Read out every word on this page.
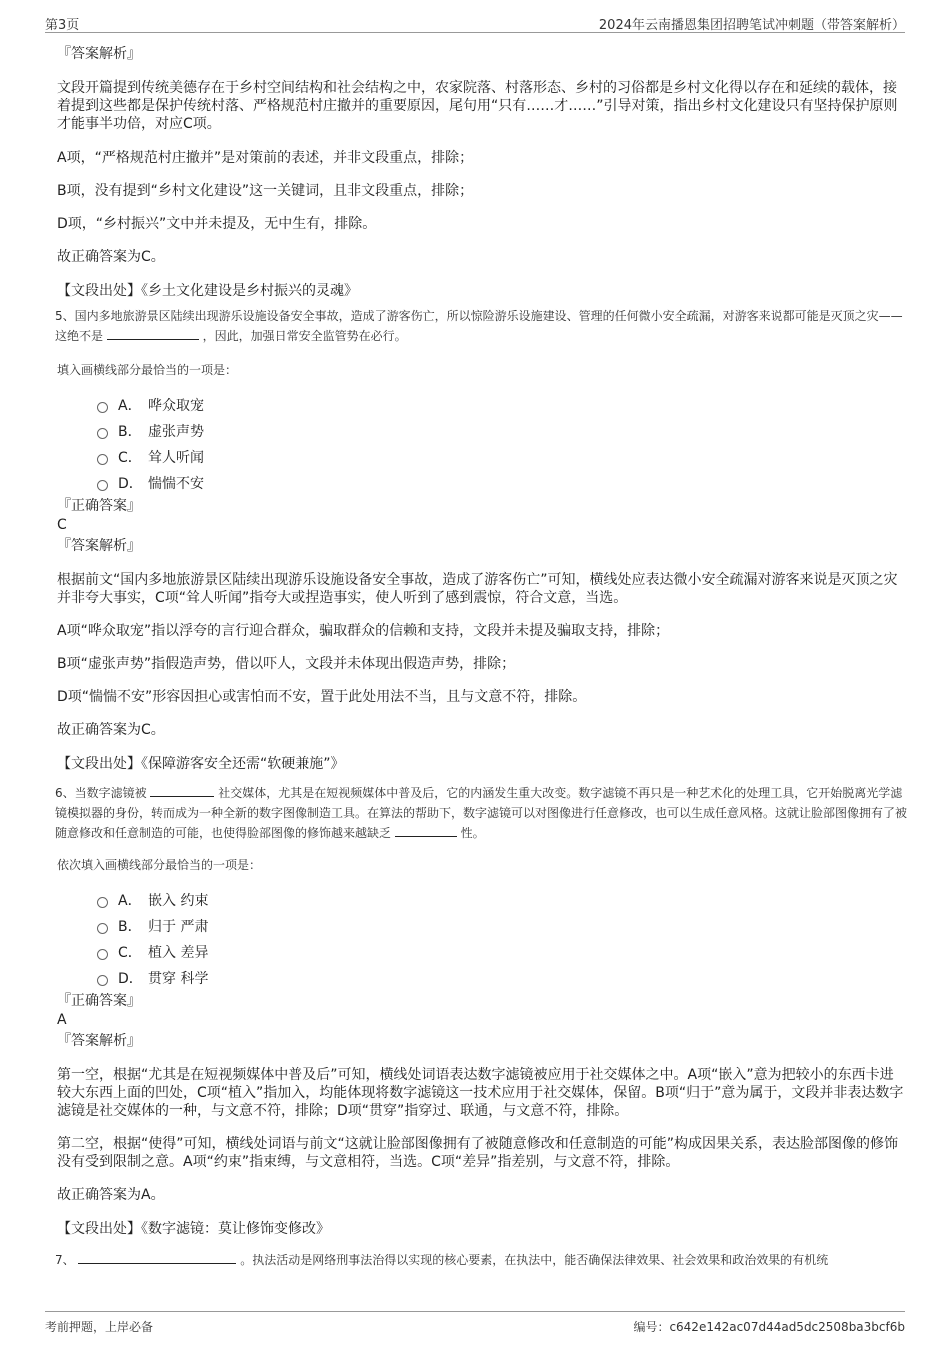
第3页	2024年云南播恩集团招聘笔试冲刺题（带答案解析）

『答案解析』

文段开篇提到传统美德存在于乡村空间结构和社会结构之中，农家院落、村落形态、乡村的习俗都是乡村文化得以存在和延续的载体，接着提到这些都是保护传统村落、严格规范村庄撤并的重要原因，尾句用“只有……才……”引导对策，指出乡村文化建设只有坚持保护原则才能事半功倍，对应C项。

A项，“严格规范村庄撤并”是对策前的表述，并非文段重点，排除；

B项，没有提到“乡村文化建设”这一关键词，且非文段重点，排除；

D项，“乡村振兴”文中并未提及，无中生有，排除。

故正确答案为C。

【文段出处】《乡土文化建设是乡村振兴的灵魂》

5、国内多地旅游景区陆续出现游乐设施设备安全事故，造成了游客伤亡，所以惊险游乐设施建设、管理的任何微小安全疏漏，对游客来说都可能是灭顶之灾——这绝不是	，因此，加强日常安全监管势在必行。

填入画横线部分最恰当的一项是：

A． 哗众取宠
B． 虚张声势
C． 耸人听闻
D． 惴惴不安

『正确答案』

C

『答案解析』

根据前文“国内多地旅游景区陆续出现游乐设施设备安全事故，造成了游客伤亡”可知，横线处应表达微小安全疏漏对游客来说是灭顶之灾并非夸大事实，C项“耸人听闻”指夸大或捏造事实，使人听到了感到震惊，符合文意，当选。

A项“哗众取宠”指以浮夸的言行迎合群众，骗取群众的信赖和支持，文段并未提及骗取支持，排除；

B项“虚张声势”指假造声势，借以吓人，文段并未体现出假造声势，排除；

D项“惴惴不安”形容因担心或害怕而不安，置于此处用法不当，且与文意不符，排除。

故正确答案为C。

【文段出处】《保障游客安全还需“软硬兼施”》

6、当数字滤镜被	社交媒体，尤其是在短视频媒体中普及后，它的内涵发生重大改变。数字滤镜不再只是一种艺术化的处理工具，它开始脱离光学滤镜模拟器的身份，转而成为一种全新的数字图像制造工具。在算法的帮助下，数字滤镜可以对图像进行任意修改，也可以生成任意风格。这就让脸部图像拥有了被随意修改和任意制造的可能，也使得脸部图像的修饰越来越缺乏	性。

依次填入画横线部分最恰当的一项是：

A． 嵌入 约束
B． 归于 严肃
C． 植入 差异
D． 贯穿 科学

『正确答案』

A

『答案解析』

第一空，根据“尤其是在短视频媒体中普及后”可知，横线处词语表达数字滤镜被应用于社交媒体之中。A项“嵌入”意为把较小的东西卡进较大东西上面的凹处，C项“植入”指加入，均能体现将数字滤镜这一技术应用于社交媒体，保留。B项“归于”意为属于，文段并非表达数字滤镜是社交媒体的一种，与文意不符，排除；D项“贯穿”指穿过、联通，与文意不符，排除。

第二空，根据“使得”可知，横线处词语与前文“这就让脸部图像拥有了被随意修改和任意制造的可能”构成因果关系，表达脸部图像的修饰没有受到限制之意。A项“约束”指束缚，与文意相符，当选。C项“差异”指差别，与文意不符，排除。

故正确答案为A。

【文段出处】《数字滤镜：莫让修饰变修改》

7、	。执法活动是网络刑事法治得以实现的核心要素，在执法中，能否确保法律效果、社会效果和政治效果的有机统

考前押题，上岸必备	编号：c642e142ac07d44ad5dc2508ba3bcf6b
